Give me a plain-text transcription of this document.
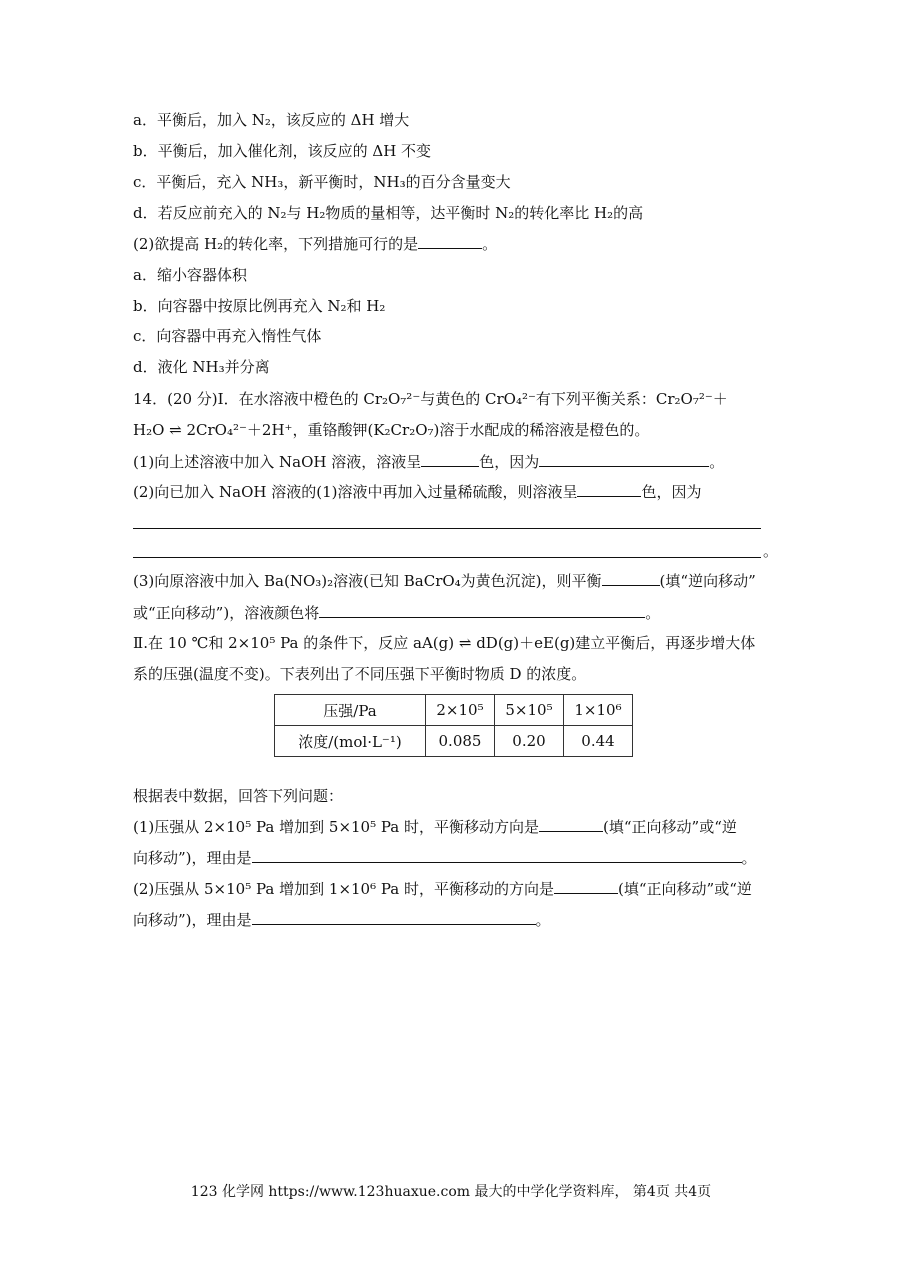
a．平衡后，加入 N₂，该反应的 ΔH 增大
b．平衡后，加入催化剂，该反应的 ΔH 不变
c．平衡后，充入 NH₃，新平衡时，NH₃的百分含量变大
d．若反应前充入的 N₂与 H₂物质的量相等，达平衡时 N₂的转化率比 H₂的高
(2)欲提高 H₂的转化率，下列措施可行的是	。
a．缩小容器体积
b．向容器中按原比例再充入 N₂和 H₂
c．向容器中再充入惰性气体
d．液化 NH₃并分离
14．(20 分)Ⅰ．在水溶液中橙色的 Cr₂O₇²⁻与黄色的 CrO₄²⁻有下列平衡关系：Cr₂O₇²⁻＋
H₂O ⇌ 2CrO₄²⁻＋2H⁺，重铬酸钾(K₂Cr₂O₇)溶于水配成的稀溶液是橙色的。
(1)向上述溶液中加入 NaOH 溶液，溶液呈	色，因为	。
(2)向已加入 NaOH 溶液的(1)溶液中再加入过量稀硫酸，则溶液呈	色，因为
。
(3)向原溶液中加入 Ba(NO₃)₂溶液(已知 BaCrO₄为黄色沉淀)，则平衡	(填“逆向移动”
或“正向移动”)，溶液颜色将	。
Ⅱ.在 10 ℃和 2×10⁵ Pa 的条件下，反应 aA(g) ⇌ dD(g)＋eE(g)建立平衡后，再逐步增大体
系的压强(温度不变)。下表列出了不同压强下平衡时物质 D 的浓度。
压强/Pa	2×10⁵	5×10⁵	1×10⁶
浓度/(mol·L⁻¹)	0.085	0.20	0.44
根据表中数据，回答下列问题：
(1)压强从 2×10⁵ Pa 增加到 5×10⁵ Pa 时，平衡移动方向是	(填“正向移动”或“逆
向移动”)，理由是	。
(2)压强从 5×10⁵ Pa 增加到 1×10⁶ Pa 时，平衡移动的方向是	(填“正向移动”或“逆
向移动”)，理由是	。
123 化学网 https://www.123huaxue.com 最大的中学化学资料库， 第4页 共4页
